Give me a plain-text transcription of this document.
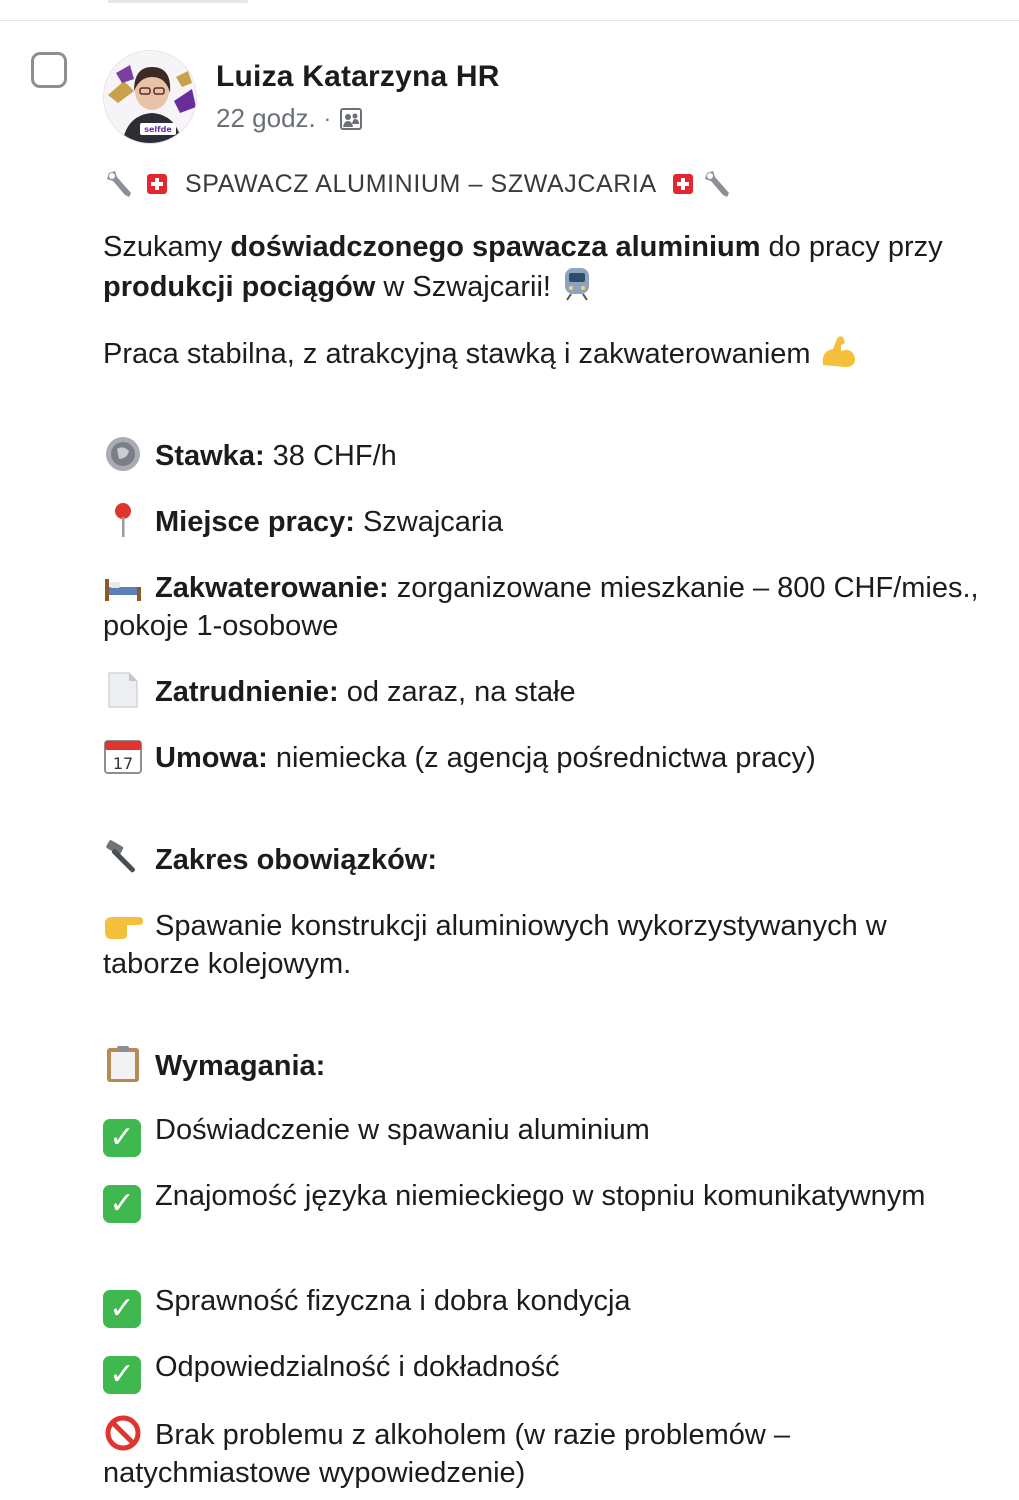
selfde
Luiza Katarzyna HR
22 godz. ·

SPAWACZ ALUMINIUM – SZWAJCARIA

Szukamy doświadczonego spawacza aluminium do pracy przy produkcji pociągów w Szwajcarii!

Praca stabilna, z atrakcyjną stawką i zakwaterowaniem

Stawka: 38 CHF/h

Miejsce pracy: Szwajcaria

Zakwaterowanie: zorganizowane mieszkanie – 800 CHF/mies., pokoje 1-osobowe

Zatrudnienie: od zaraz, na stałe

17 Umowa: niemiecka (z agencją pośrednictwa pracy)

Zakres obowiązków:

Spawanie konstrukcji aluminiowych wykorzystywanych w taborze kolejowym.

Wymagania:

✓ Doświadczenie w spawaniu aluminium

✓ Znajomość języka niemieckiego w stopniu komunikatywnym

✓ Sprawność fizyczna i dobra kondycja

✓ Odpowiedzialność i dokładność

Brak problemu z alkoholem (w razie problemów – natychmiastowe wypowiedzenie)
